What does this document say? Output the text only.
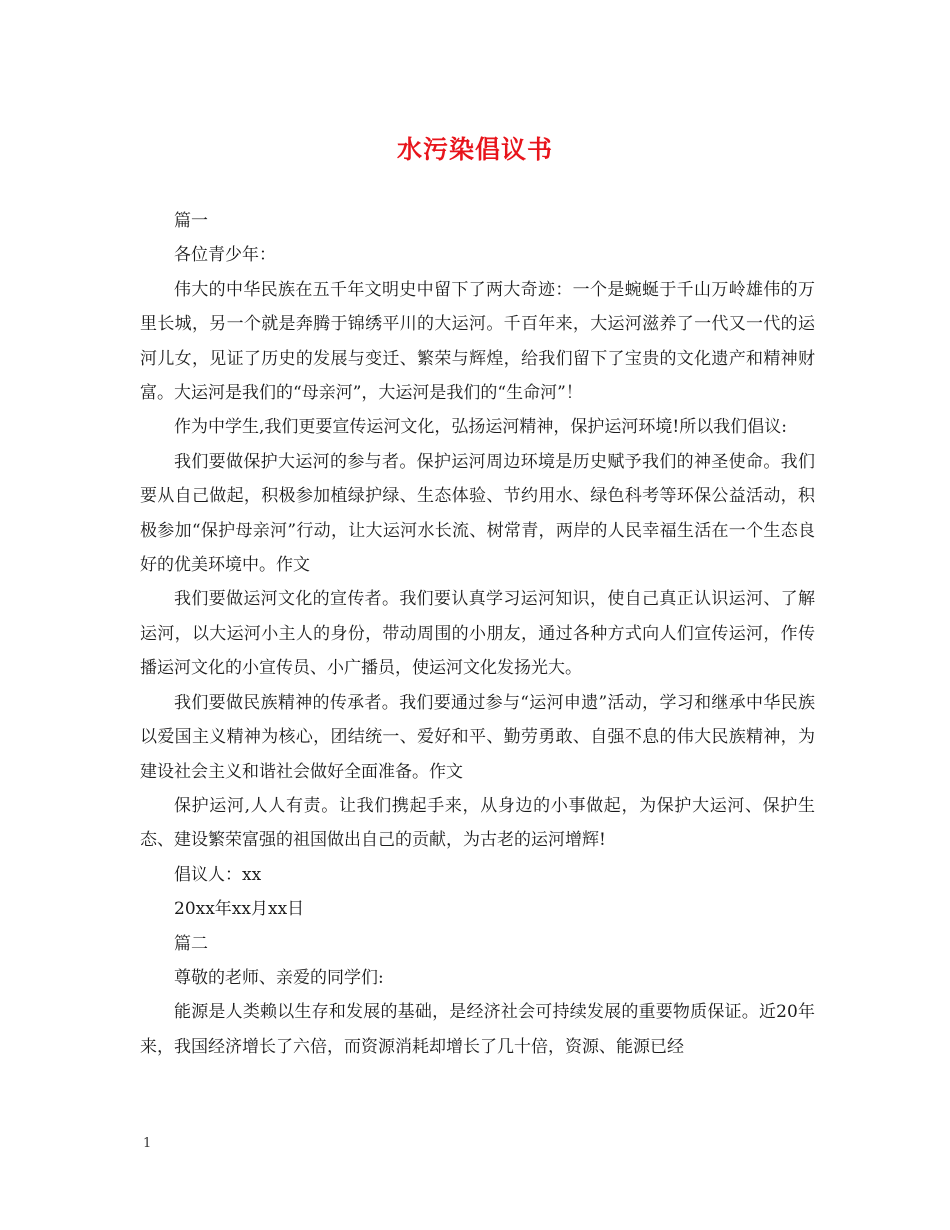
水污染倡议书

篇一

各位青少年：

伟大的中华民族在五千年文明史中留下了两大奇迹：一个是蜿蜒于千山万岭雄伟的万里长城，另一个就是奔腾于锦绣平川的大运河。千百年来，大运河滋养了一代又一代的运河儿女，见证了历史的发展与变迁、繁荣与辉煌，给我们留下了宝贵的文化遗产和精神财富。大运河是我们的“母亲河”，大运河是我们的“生命河”！

作为中学生,我们更要宣传运河文化，弘扬运河精神，保护运河环境!所以我们倡议:

我们要做保护大运河的参与者。保护运河周边环境是历史赋予我们的神圣使命。我们要从自己做起，积极参加植绿护绿、生态体验、节约用水、绿色科考等环保公益活动，积极参加“保护母亲河”行动，让大运河水长流、树常青，两岸的人民幸福生活在一个生态良好的优美环境中。作文

我们要做运河文化的宣传者。我们要认真学习运河知识，使自己真正认识运河、了解运河，以大运河小主人的身份，带动周围的小朋友，通过各种方式向人们宣传运河，作传播运河文化的小宣传员、小广播员，使运河文化发扬光大。

我们要做民族精神的传承者。我们要通过参与“运河申遗”活动，学习和继承中华民族以爱国主义精神为核心，团结统一、爱好和平、勤劳勇敢、自强不息的伟大民族精神，为建设社会主义和谐社会做好全面准备。作文

保护运河,人人有责。让我们携起手来，从身边的小事做起，为保护大运河、保护生态、建设繁荣富强的祖国做出自己的贡献，为古老的运河增辉!

倡议人：xx

20xx年xx月xx日

篇二

尊敬的老师、亲爱的同学们:

能源是人类赖以生存和发展的基础，是经济社会可持续发展的重要物质保证。近20年来，我国经济增长了六倍，而资源消耗却增长了几十倍，资源、能源已经

1
